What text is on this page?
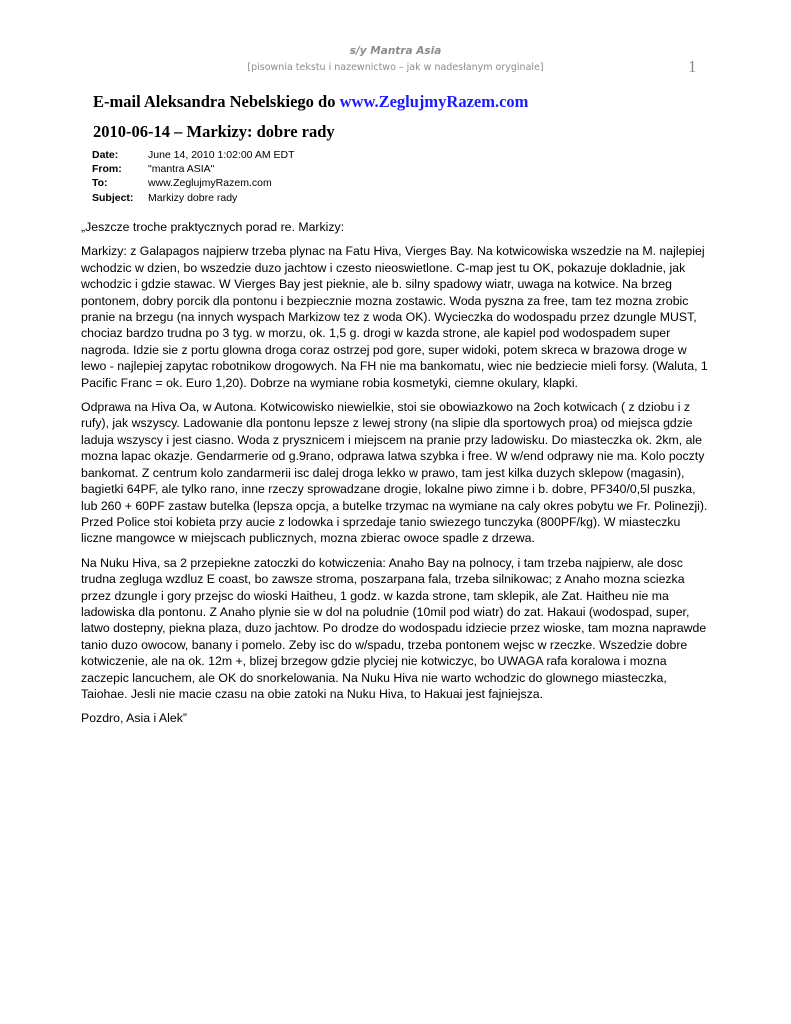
s/y Mantra Asia
[pisownia tekstu i nazewnictwo – jak w nadesłanym oryginale]	1
E-mail Aleksandra Nebelskiego do www.ZeglujmyRazem.com
2010-06-14 – Markizy: dobre rady
Date:	June 14, 2010 1:02:00 AM EDT
From:	"mantra ASIA"
To:	www.ZeglujmyRazem.com
Subject:	Markizy dobre rady

„Jeszcze troche praktycznych porad re. Markizy:

Markizy: z Galapagos najpierw trzeba plynac na Fatu Hiva, Vierges Bay. Na kotwicowiska wszedzie na M. najlepiej wchodzic w dzien, bo wszedzie duzo jachtow i czesto nieoswietlone. C-map jest tu OK, pokazuje dokladnie, jak wchodzic i gdzie stawac. W Vierges Bay jest pieknie, ale b. silny spadowy wiatr, uwaga na kotwice. Na brzeg pontonem, dobry porcik dla pontonu i bezpiecznie mozna zostawic. Woda pyszna za free, tam tez mozna zrobic pranie na brzegu (na innych wyspach Markizow tez z woda OK). Wycieczka do wodospadu przez dzungle MUST, chociaz bardzo trudna po 3 tyg. w morzu, ok. 1,5 g. drogi w kazda strone, ale kapiel pod wodospadem super nagroda. Idzie sie z portu glowna droga coraz ostrzej pod gore, super widoki, potem skreca w brazowa droge w lewo - najlepiej zapytac robotnikow drogowych. Na FH nie ma bankomatu, wiec nie bedziecie mieli forsy. (Waluta, 1 Pacific Franc = ok. Euro 1,20). Dobrze na wymiane robia kosmetyki, ciemne okulary, klapki.

Odprawa na Hiva Oa, w Autona. Kotwicowisko niewielkie, stoi sie obowiazkowo na 2och kotwicach ( z dziobu i z rufy), jak wszyscy. Ladowanie dla pontonu lepsze z lewej strony (na slipie dla sportowych proa) od miejsca gdzie laduja wszyscy i jest ciasno. Woda z prysznicem i miejscem na pranie przy ladowisku. Do miasteczka ok. 2km, ale mozna lapac okazje. Gendarmerie od g.9rano, odprawa latwa szybka i free. W w/end odprawy nie ma. Kolo poczty bankomat. Z centrum kolo zandarmerii isc dalej droga lekko w prawo, tam jest kilka duzych sklepow (magasin), bagietki 64PF, ale tylko rano, inne rzeczy sprowadzane drogie, lokalne piwo zimne i b. dobre, PF340/0,5l puszka, lub 260 + 60PF zastaw butelka (lepsza opcja, a butelke trzymac na wymiane na caly okres pobytu we Fr. Polinezji). Przed Police stoi kobieta przy aucie z lodowka i sprzedaje tanio swiezego tunczyka (800PF/kg). W miasteczku liczne mangowce w miejscach publicznych, mozna zbierac owoce spadle z drzewa.

Na Nuku Hiva, sa 2 przepiekne zatoczki do kotwiczenia: Anaho Bay na polnocy, i tam trzeba najpierw, ale dosc trudna zegluga wzdluz E coast, bo zawsze stroma, poszarpana fala, trzeba silnikowac; z Anaho mozna sciezka przez dzungle i gory przejsc do wioski Haitheu, 1 godz. w kazda strone, tam sklepik, ale Zat. Haitheu nie ma ladowiska dla pontonu. Z Anaho plynie sie w dol na poludnie (10mil pod wiatr) do zat. Hakaui (wodospad, super, latwo dostepny, piekna plaza, duzo jachtow. Po drodze do wodospadu idziecie przez wioske, tam mozna naprawde tanio duzo owocow, banany i pomelo. Zeby isc do w/spadu, trzeba pontonem wejsc w rzeczke. Wszedzie dobre kotwiczenie, ale na ok. 12m +, blizej brzegow gdzie plyciej nie kotwiczyc, bo UWAGA rafa koralowa i mozna zaczepic lancuchem, ale OK do snorkelowania. Na Nuku Hiva nie warto wchodzic do glownego miasteczka, Taiohae. Jesli nie macie czasu na obie zatoki na Nuku Hiva, to Hakuai jest fajniejsza.

Pozdro, Asia i Alek”
